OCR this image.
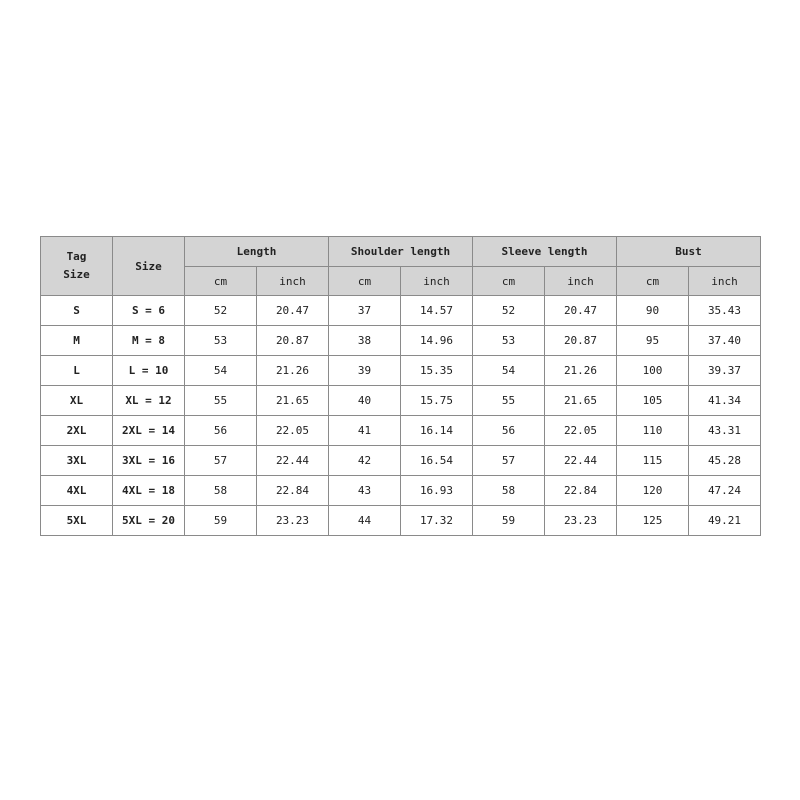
Tag
Size	Size	Length		Shoulder length		Sleeve length		Bust	
		cm	inch	cm	inch	cm	inch	cm	inch
S	S = 6	52	20.47	37	14.57	52	20.47	90	35.43
M	M = 8	53	20.87	38	14.96	53	20.87	95	37.40
L	L = 10	54	21.26	39	15.35	54	21.26	100	39.37
XL	XL = 12	55	21.65	40	15.75	55	21.65	105	41.34
2XL	2XL = 14	56	22.05	41	16.14	56	22.05	110	43.31
3XL	3XL = 16	57	22.44	42	16.54	57	22.44	115	45.28
4XL	4XL = 18	58	22.84	43	16.93	58	22.84	120	47.24
5XL	5XL = 20	59	23.23	44	17.32	59	23.23	125	49.21
